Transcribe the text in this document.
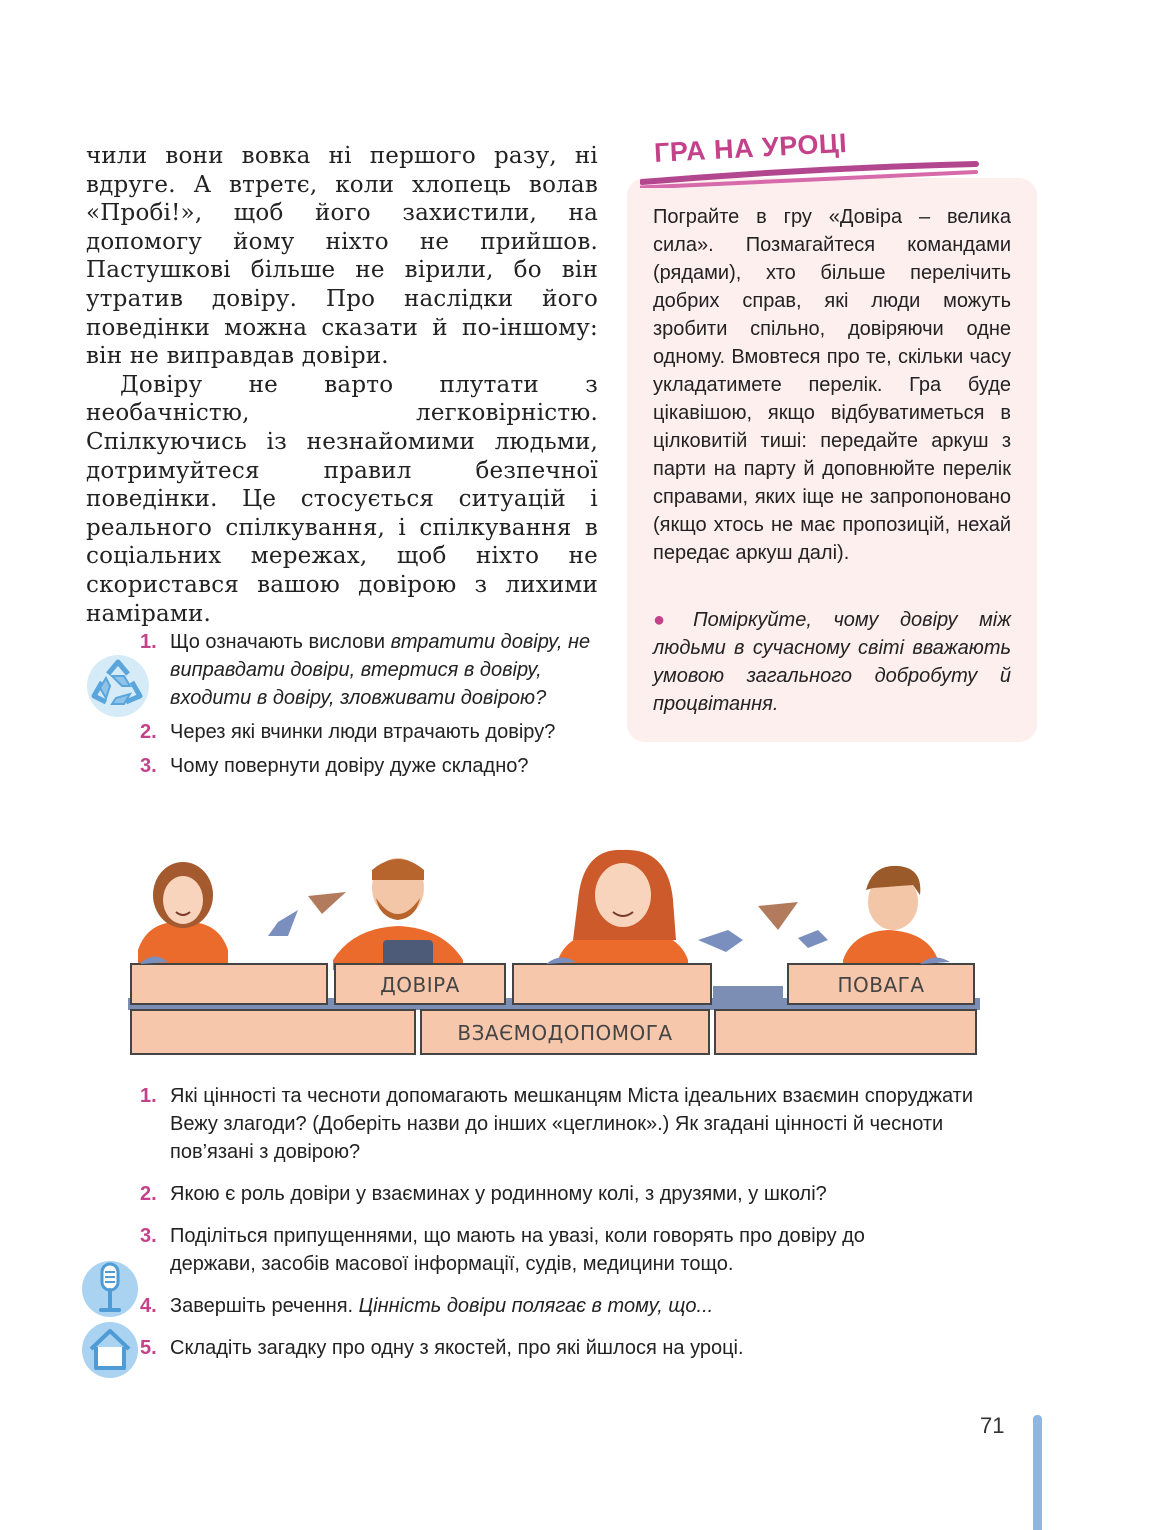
чили вони вовка ні першого разу, ні вдруге. А втретє, коли хлопець волав «Пробі!», щоб його захистили, на допомогу йому ніхто не прийшов. Пастушкові більше не вірили, бо він утратив довіру. Про наслідки його поведінки можна сказати й по-іншому: він не виправдав довіри.

Довіру не варто плутати з необачністю, легковірністю. Спілкуючись із незнайомими людьми, дотримуйтеся правил безпечної поведінки. Це стосується ситуацій і реального спілкування, і спілкування в соціальних мережах, щоб ніхто не скористався вашою довірою з лихими намірами.

1. Що означають вислови втратити довіру, не виправдати довіри, втертися в довіру, входити в довіру, зловживати довірою?
2. Через які вчинки люди втрачають довіру?
3. Чому повернути довіру дуже складно?
ГРА НА УРОЦІ

Пограйте в гру «Довіра – велика сила». Позмагайтеся командами (рядами), хто більше перелічить добрих справ, які люди можуть зробити спільно, довіряючи одне одному. Вмовтеся про те, скільки часу укладатимете перелік. Гра буде цікавішою, якщо відбуватиметься в цілковитій тиші: передайте аркуш з парти на парту й доповнюйте перелік справами, яких іще не запропоновано (якщо хтось не має пропозицій, нехай передає аркуш далі).

● Поміркуйте, чому довіру між людьми в сучасному світі вважають умовою загального добробуту й процвітання.

ДОВІРА	ПОВАГА
ВЗАЄМОДОПОМОГА
1. Які цінності та чесноти допомагають мешканцям Міста ідеальних взаємин споруджати Вежу злагоди? (Доберіть назви до інших «цеглинок».) Як згадані цінності й чесноти пов’язані з довірою?
2. Якою є роль довіри у взаєминах у родинному колі, з друзями, у школі?
3. Поділіться припущеннями, що мають на увазі, коли говорять про довіру до держави, засобів масової інформації, судів, медицини тощо.
4. Завершіть речення. Цінність довіри полягає в тому, що...
5. Складіть загадку про одну з якостей, про які йшлося на уроці.
71
